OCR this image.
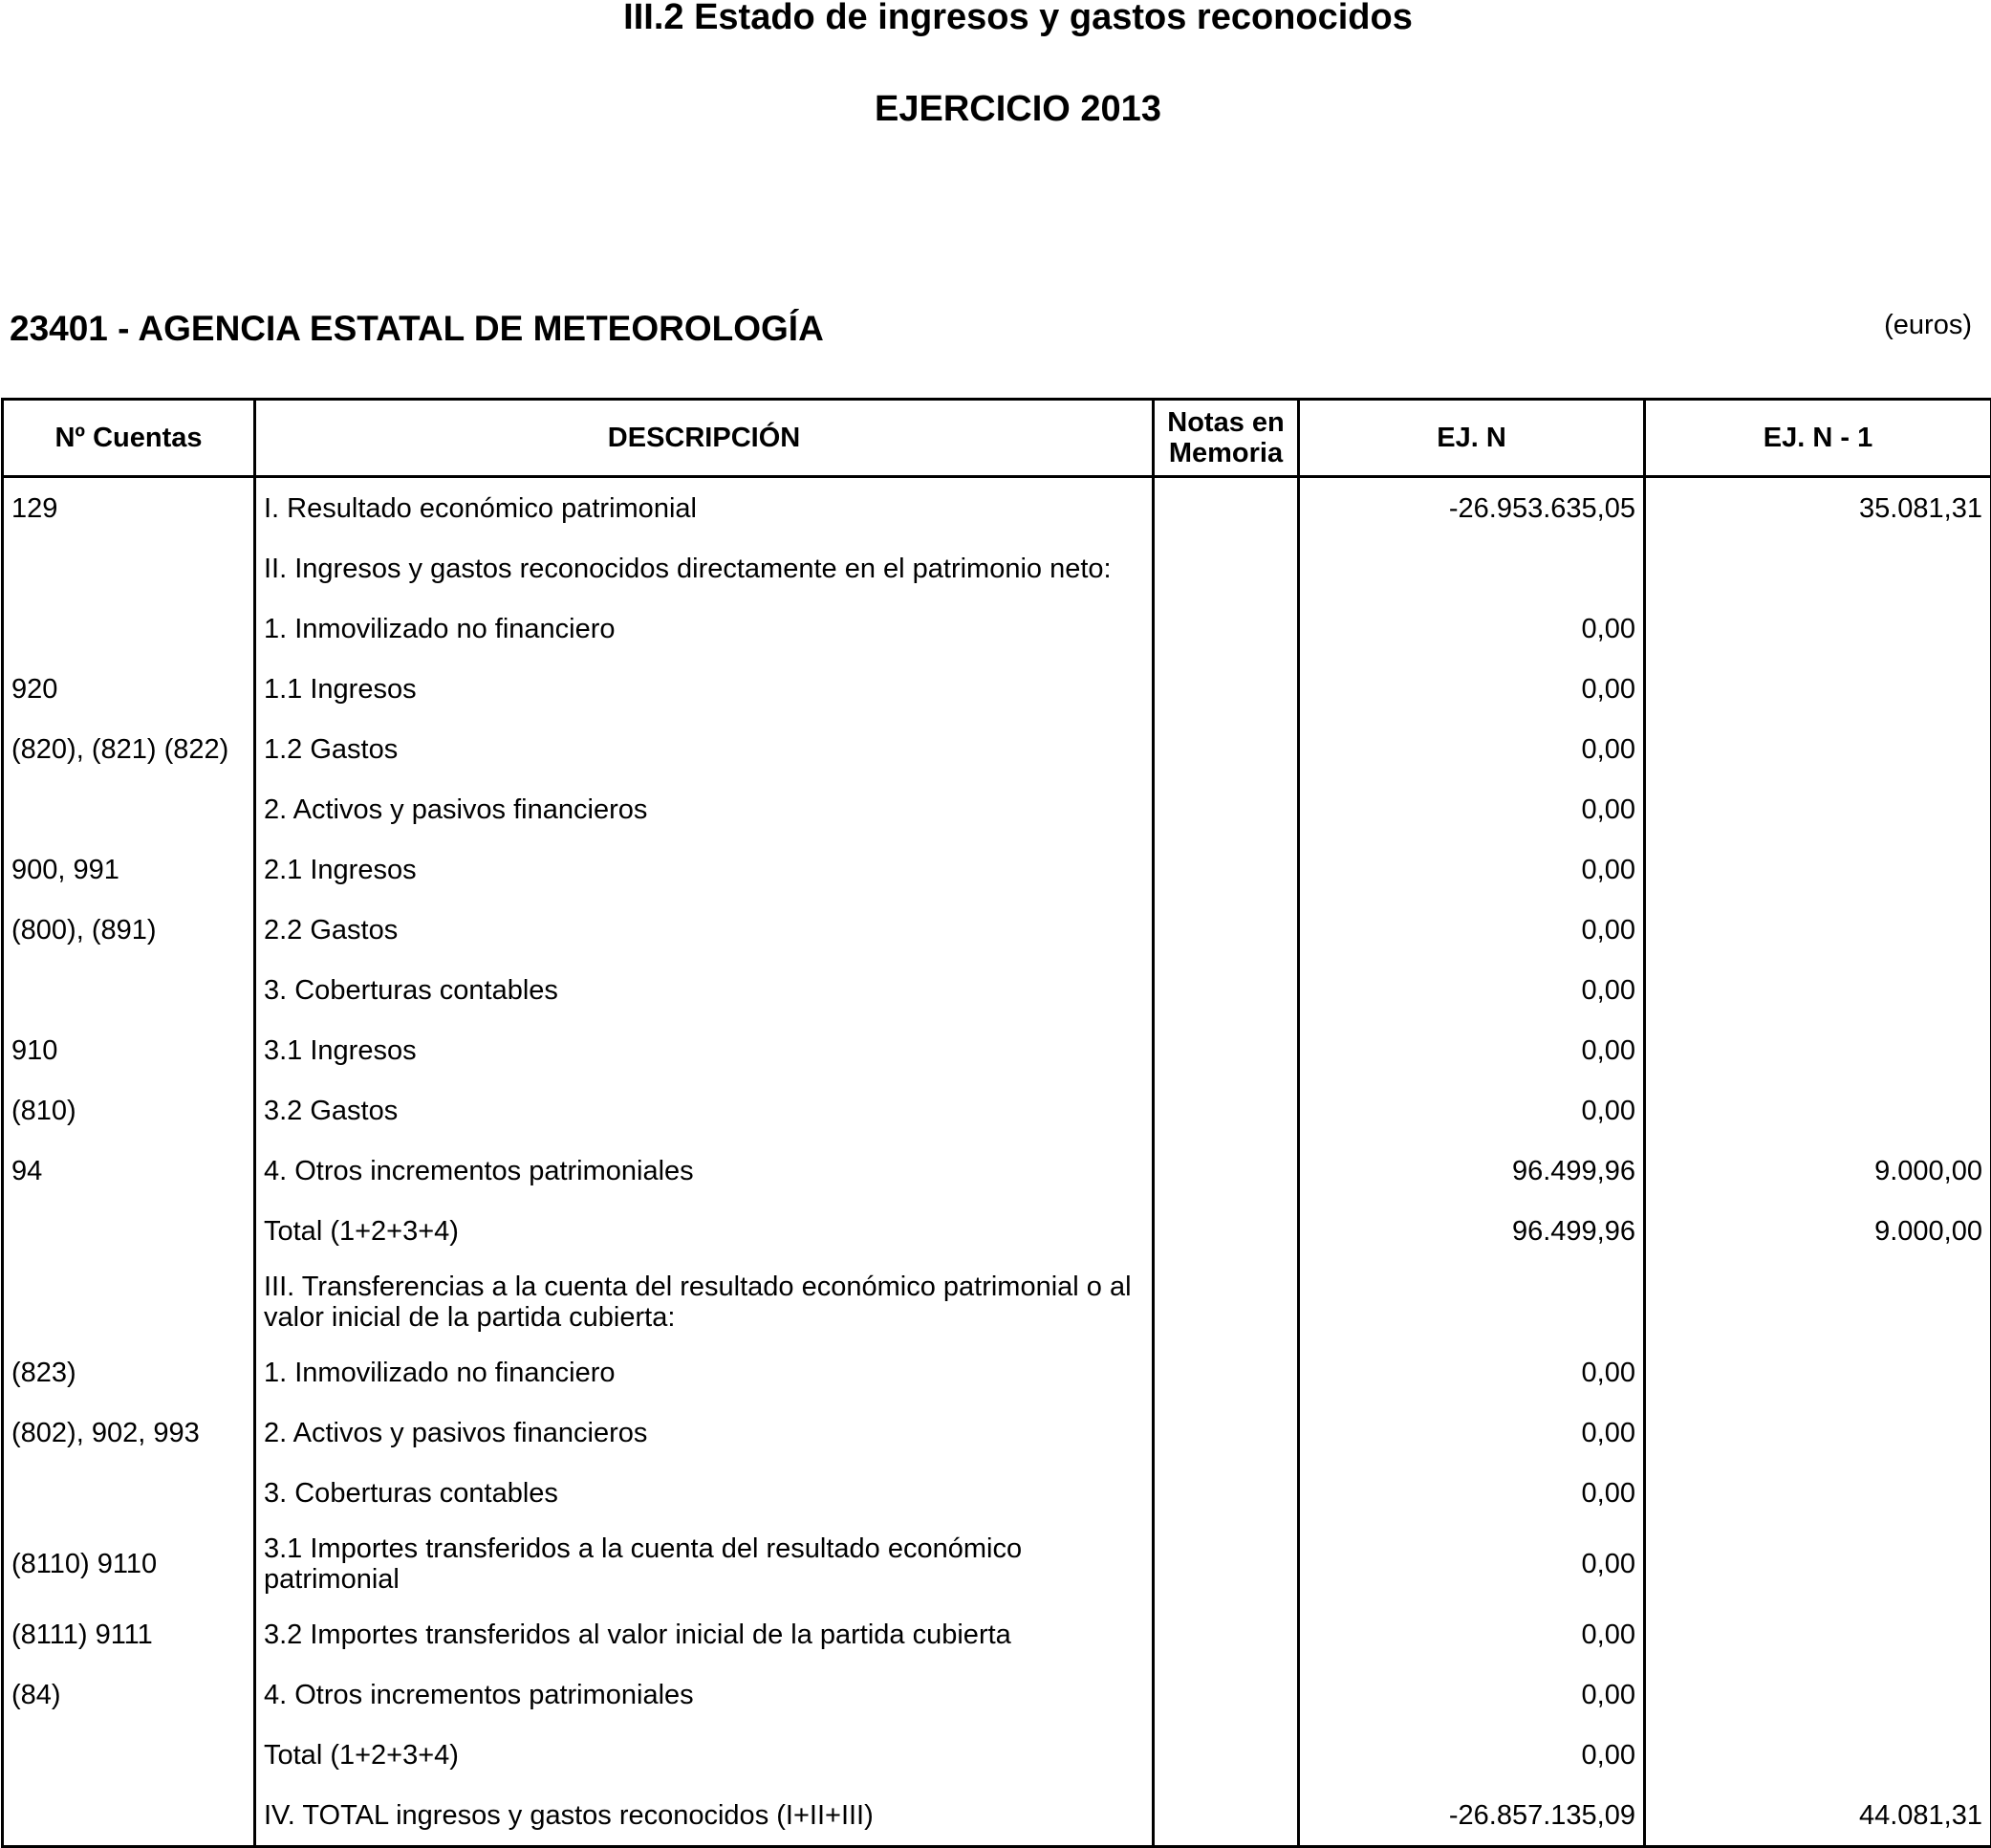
III.2 Estado de ingresos y gastos reconocidos
EJERCICIO 2013
23401 - AGENCIA ESTATAL DE METEOROLOGÍA	(euros)
Nº Cuentas	DESCRIPCIÓN	Notas en Memoria	EJ. N	EJ. N - 1
129	I. Resultado económico patrimonial		-26.953.635,05	35.081,31
	II. Ingresos y gastos reconocidos directamente en el patrimonio neto:			
	1. Inmovilizado no financiero		0,00	
920	1.1 Ingresos		0,00	
(820), (821) (822)	1.2 Gastos		0,00	
	2. Activos y pasivos financieros		0,00	
900, 991	2.1 Ingresos		0,00	
(800), (891)	2.2 Gastos		0,00	
	3. Coberturas contables		0,00	
910	3.1 Ingresos		0,00	
(810)	3.2 Gastos		0,00	
94	4. Otros incrementos patrimoniales		96.499,96	9.000,00
	Total (1+2+3+4)		96.499,96	9.000,00
	III. Transferencias a la cuenta del resultado económico patrimonial o al valor inicial de la partida cubierta:			
(823)	1. Inmovilizado no financiero		0,00	
(802), 902, 993	2. Activos y pasivos financieros		0,00	
	3. Coberturas contables		0,00	
(8110) 9110	3.1 Importes transferidos a la cuenta del resultado económico patrimonial		0,00	
(8111) 9111	3.2 Importes transferidos al valor inicial de la partida cubierta		0,00	
(84)	4. Otros incrementos patrimoniales		0,00	
	Total (1+2+3+4)		0,00	
	IV. TOTAL ingresos y gastos reconocidos (I+II+III)		-26.857.135,09	44.081,31
